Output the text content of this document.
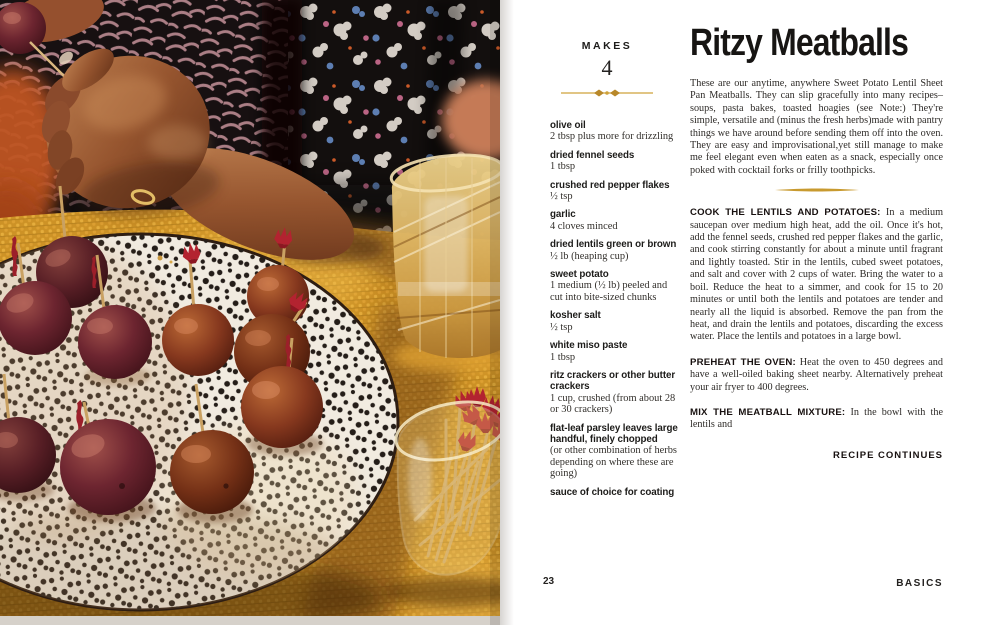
MAKES
4
olive oil
2 tbsp plus more for drizzling
dried fennel seeds
1 tbsp
crushed red pepper flakes
½ tsp
garlic
4 cloves minced
dried lentils green or brown
½ lb (heaping cup)
sweet potato
1 medium (½ lb) peeled and cut into bite-sized chunks
kosher salt
½ tsp
white miso paste
1 tbsp
ritz crackers or other butter crackers
1 cup, crushed (from about 28 or 30 crackers)
flat-leaf parsley leaves large handful, finely chopped
(or other combination of herbs depending on where these are going)
sauce of choice for coating
Ritzy Meatballs

These are our anytime, anywhere Sweet Potato Lentil Sheet Pan Meatballs. They can slip gracefully into many recipes– soups, pasta bakes, toasted hoagies (see Note:) They're simple, versatile and (minus the fresh herbs)made with pantry things we have around before sending them off into the oven. They are easy and improvisational,yet still manage to make me feel elegant even when eaten as a snack, especially once poked with cocktail forks or frilly toothpicks.

COOK THE LENTILS AND POTATOES: In a medium saucepan over medium high heat, add the oil. Once it's hot, add the fennel seeds, crushed red pepper flakes and the garlic, and cook stirring constantly for about a minute until fragrant and lightly toasted. Stir in the lentils, cubed sweet potatoes, and salt and cover with 2 cups of water. Bring the water to a boil. Reduce the heat to a simmer, and cook for 15 to 20 minutes or until both the lentils and potatoes are tender and nearly all the liquid is absorbed. Remove the pan from the heat, and drain the lentils and potatoes, discarding the excess water. Place the lentils and potatoes in a large bowl.

PREHEAT THE OVEN: Heat the oven to 450 degrees and have a well-oiled baking sheet nearby. Alternatively preheat your air fryer to 400 degrees.

MIX THE MEATBALL MIXTURE: In the bowl with the lentils and

RECIPE CONTINUES
23	BASICS
